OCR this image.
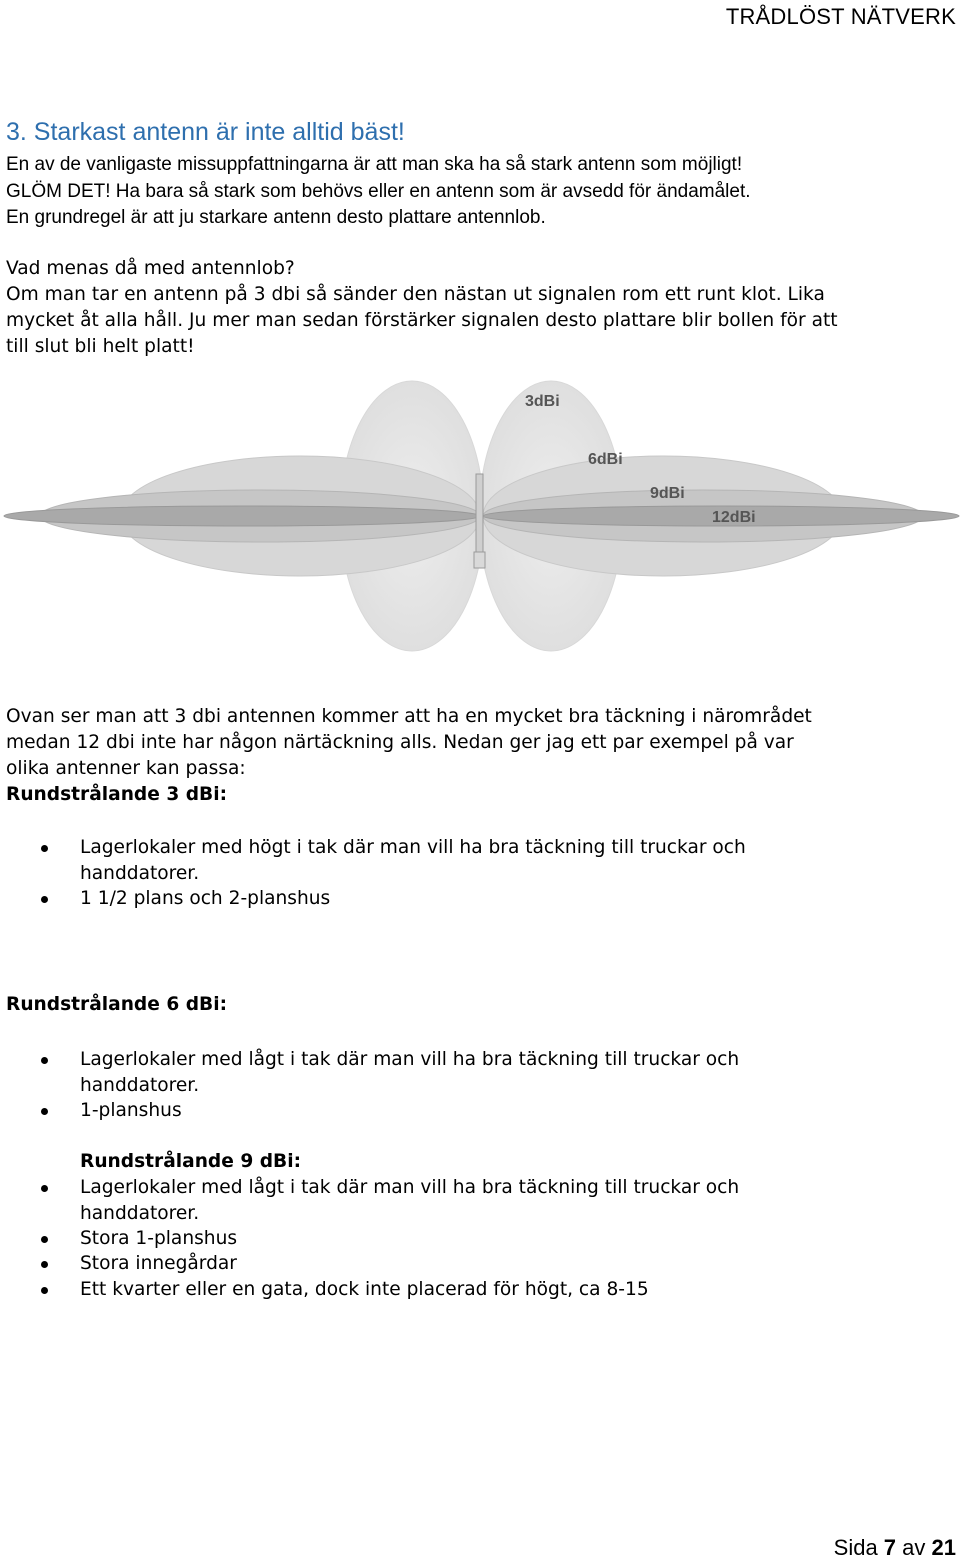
TRÅDLÖST NÄTVERK
3. Starkast antenn är inte alltid bäst!
En av de vanligaste missuppfattningarna är att man ska ha så stark antenn som möjligt!
GLÖM DET! Ha bara så stark som behövs eller en antenn som är avsedd för ändamålet.
En grundregel är att ju starkare antenn desto plattare antennlob.
Vad menas då med antennlob?
Om man tar en antenn på 3 dbi så sänder den nästan ut signalen rom ett runt klot. Lika
mycket åt alla håll. Ju mer man sedan förstärker signalen desto plattare blir bollen för att
till slut bli helt platt!
3dBi
6dBi
9dBi
12dBi
Ovan ser man att 3 dbi antennen kommer att ha en mycket bra täckning i närområdet
medan 12 dbi inte har någon närtäckning alls. Nedan ger jag ett par exempel på var
olika antenner kan passa:
Rundstrålande 3 dBi:
Lagerlokaler med högt i tak där man vill ha bra täckning till truckar och
handdatorer.
1 1/2 plans och 2-planshus
Rundstrålande 6 dBi:
Lagerlokaler med lågt i tak där man vill ha bra täckning till truckar och
handdatorer.
1-planshus
Rundstrålande 9 dBi:
Lagerlokaler med lågt i tak där man vill ha bra täckning till truckar och
handdatorer.
Stora 1-planshus
Stora innegårdar
Ett kvarter eller en gata, dock inte placerad för högt, ca 8-15
Sida 7 av 21
